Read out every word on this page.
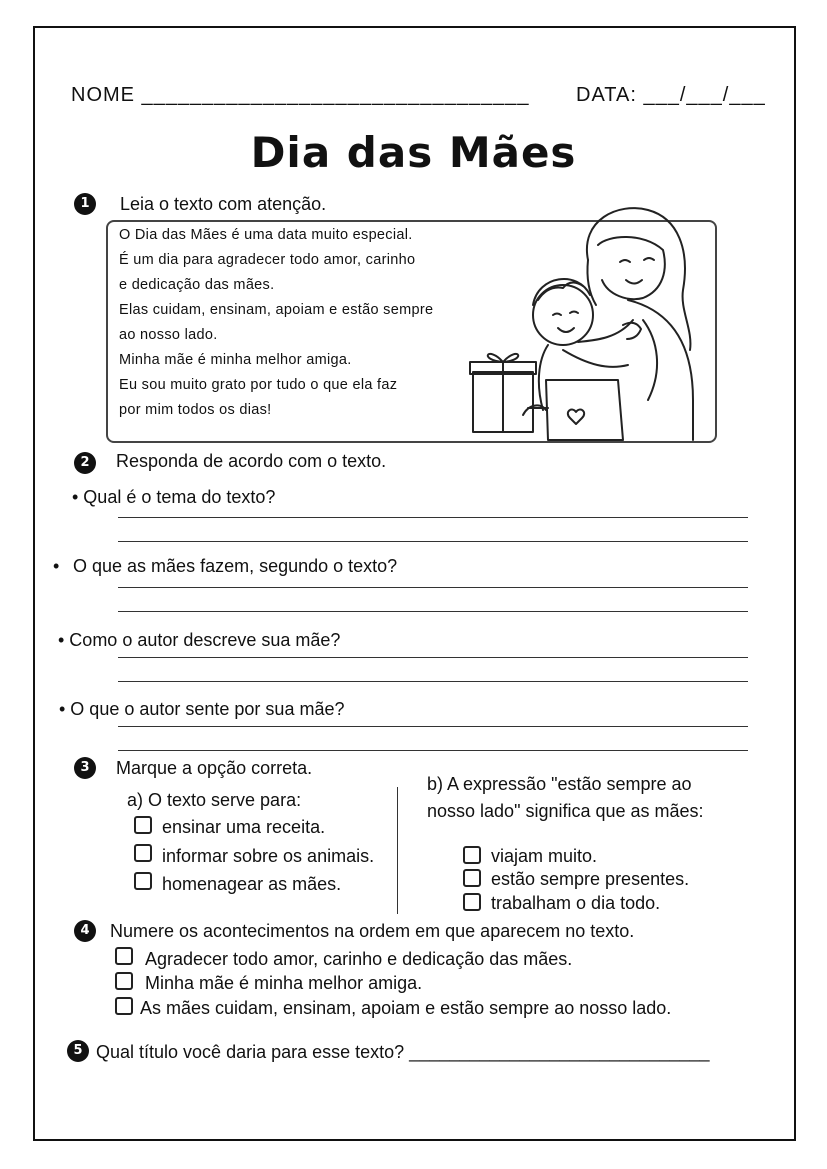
NOME ________________________________ DATA: ___/___/___
Dia das Mães
1	Leia o texto com atenção.
O Dia das Mães é uma data muito especial.
É um dia para agradecer todo amor, carinho
e dedicação das mães.
Elas cuidam, ensinam, apoiam e estão sempre
ao nosso lado.
Minha mãe é minha melhor amiga.
Eu sou muito grato por tudo o que ela faz
por mim todos os dias!
2	Responda de acordo com o texto.
• Qual é o tema do texto?
• O que as mães fazem, segundo o texto?
• Como o autor descreve sua mãe?
• O que o autor sente por sua mãe?
3	Marque a opção correta.
a) O texto serve para:
ensinar uma receita.
informar sobre os animais.
homenagear as mães.
b) A expressão "estão sempre ao
nosso lado" significa que as mães:
viajam muito.
estão sempre presentes.
trabalham o dia todo.
4	Numere os acontecimentos na ordem em que aparecem no texto.
Agradecer todo amor, carinho e dedicação das mães.
Minha mãe é minha melhor amiga.
As mães cuidam, ensinam, apoiam e estão sempre ao nosso lado.
5 Qual título você daria para esse texto? ______________________________
